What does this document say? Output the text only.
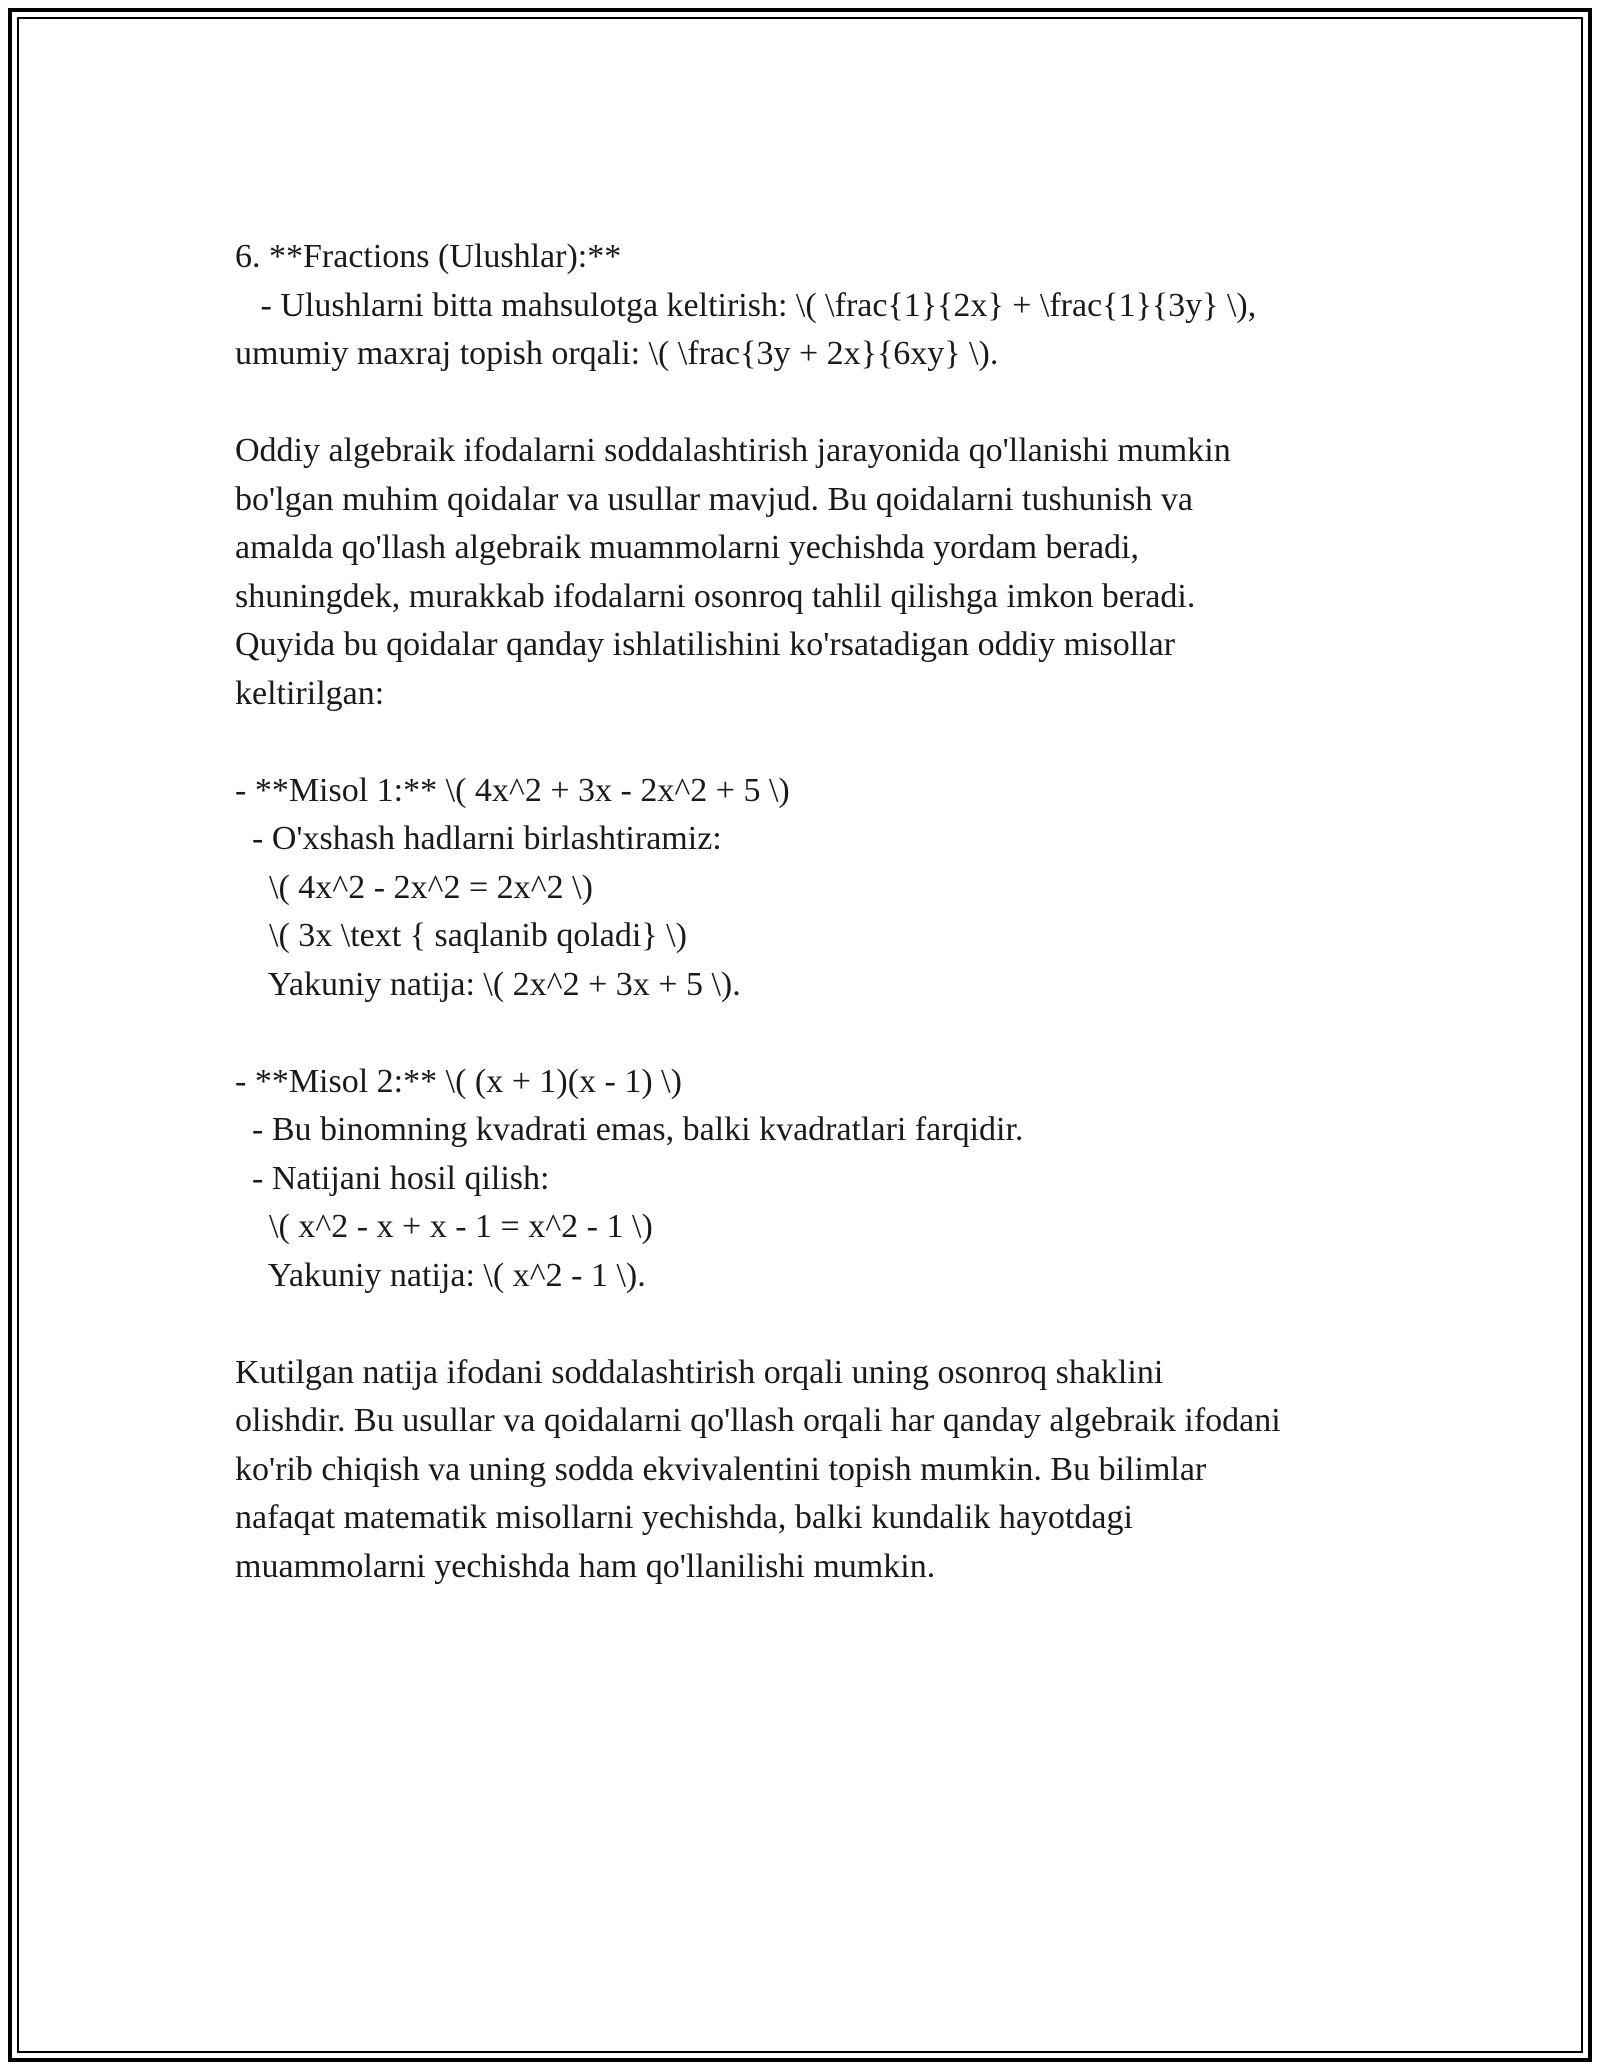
6. **Fractions (Ulushlar):**
- Ulushlarni bitta mahsulotga keltirish: \( \frac{1}{2x} + \frac{1}{3y} \),
umumiy maxraj topish orqali: \( \frac{3y + 2x}{6xy} \).
Oddiy algebraik ifodalarni soddalashtirish jarayonida qo'llanishi mumkin
bo'lgan muhim qoidalar va usullar mavjud. Bu qoidalarni tushunish va
amalda qo'llash algebraik muammolarni yechishda yordam beradi,
shuningdek, murakkab ifodalarni osonroq tahlil qilishga imkon beradi.
Quyida bu qoidalar qanday ishlatilishini ko'rsatadigan oddiy misollar
keltirilgan:
- **Misol 1:** \( 4x^2 + 3x - 2x^2 + 5 \)
- O'xshash hadlarni birlashtiramiz:
\( 4x^2 - 2x^2 = 2x^2 \)
\( 3x \text { saqlanib qoladi} \)
Yakuniy natija: \( 2x^2 + 3x + 5 \).
- **Misol 2:** \( (x + 1)(x - 1) \)
- Bu binomning kvadrati emas, balki kvadratlari farqidir.
- Natijani hosil qilish:
\( x^2 - x + x - 1 = x^2 - 1 \)
Yakuniy natija: \( x^2 - 1 \).
Kutilgan natija ifodani soddalashtirish orqali uning osonroq shaklini
olishdir. Bu usullar va qoidalarni qo'llash orqali har qanday algebraik ifodani
ko'rib chiqish va uning sodda ekvivalentini topish mumkin. Bu bilimlar
nafaqat matematik misollarni yechishda, balki kundalik hayotdagi
muammolarni yechishda ham qo'llanilishi mumkin.
